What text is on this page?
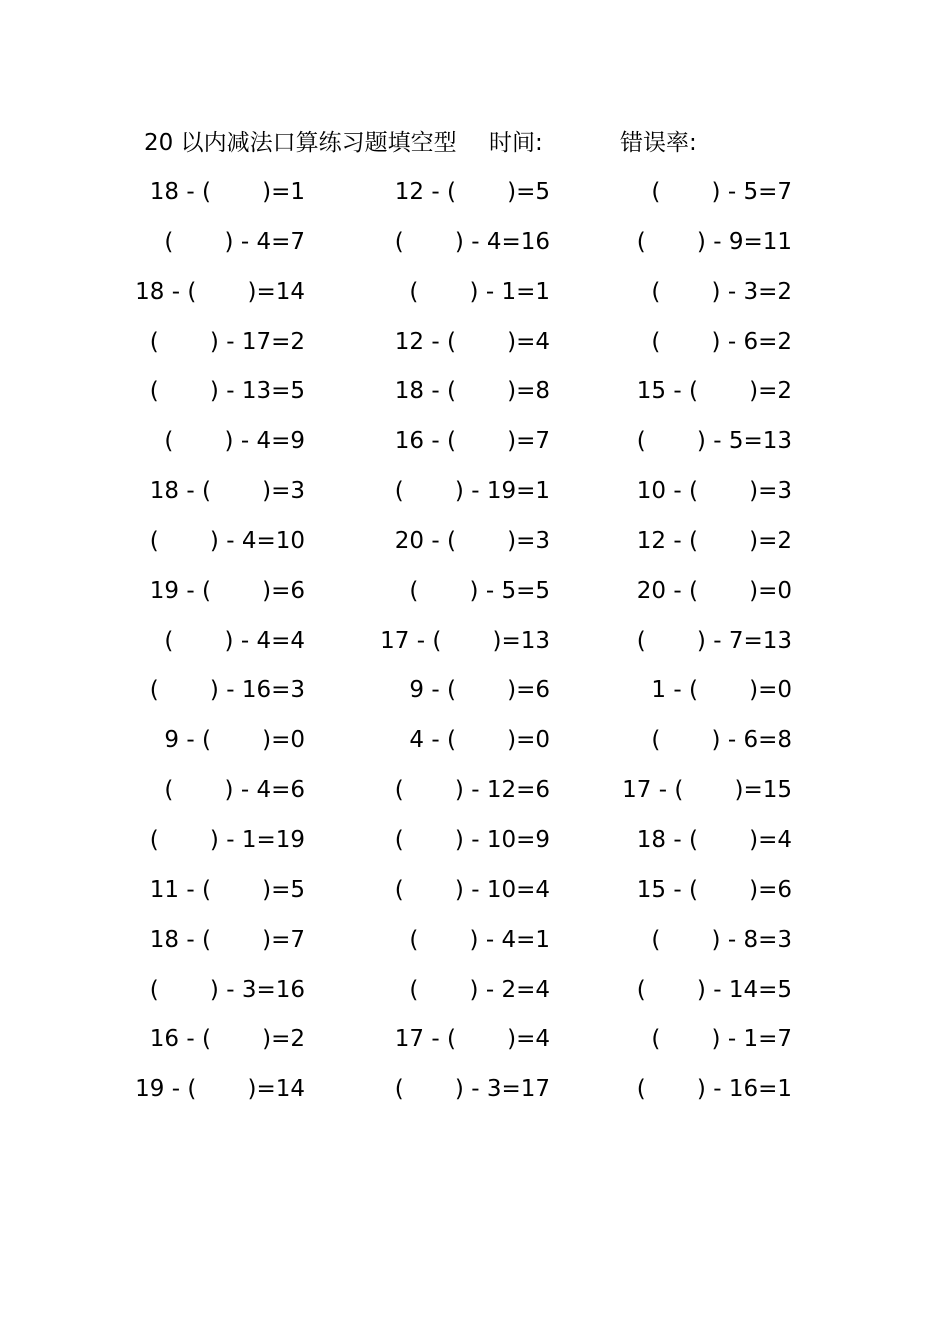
20 以内减法口算练习题填空型 时间:	错误率:
18 - (       )=1	12 - (       )=5	(       ) - 5=7
(       ) - 4=7	(       ) - 4=16	(       ) - 9=11
18 - (       )=14	(       ) - 1=1	(       ) - 3=2
(       ) - 17=2	12 - (       )=4	(       ) - 6=2
(       ) - 13=5	18 - (       )=8	15 - (       )=2
(       ) - 4=9	16 - (       )=7	(       ) - 5=13
18 - (       )=3	(       ) - 19=1	10 - (       )=3
(       ) - 4=10	20 - (       )=3	12 - (       )=2
19 - (       )=6	(       ) - 5=5	20 - (       )=0
(       ) - 4=4	17 - (       )=13	(       ) - 7=13
(       ) - 16=3	9 - (       )=6	1 - (       )=0
9 - (       )=0	4 - (       )=0	(       ) - 6=8
(       ) - 4=6	(       ) - 12=6	17 - (       )=15
(       ) - 1=19	(       ) - 10=9	18 - (       )=4
11 - (       )=5	(       ) - 10=4	15 - (       )=6
18 - (       )=7	(       ) - 4=1	(       ) - 8=3
(       ) - 3=16	(       ) - 2=4	(       ) - 14=5
16 - (       )=2	17 - (       )=4	(       ) - 1=7
19 - (       )=14	(       ) - 3=17	(       ) - 16=1
